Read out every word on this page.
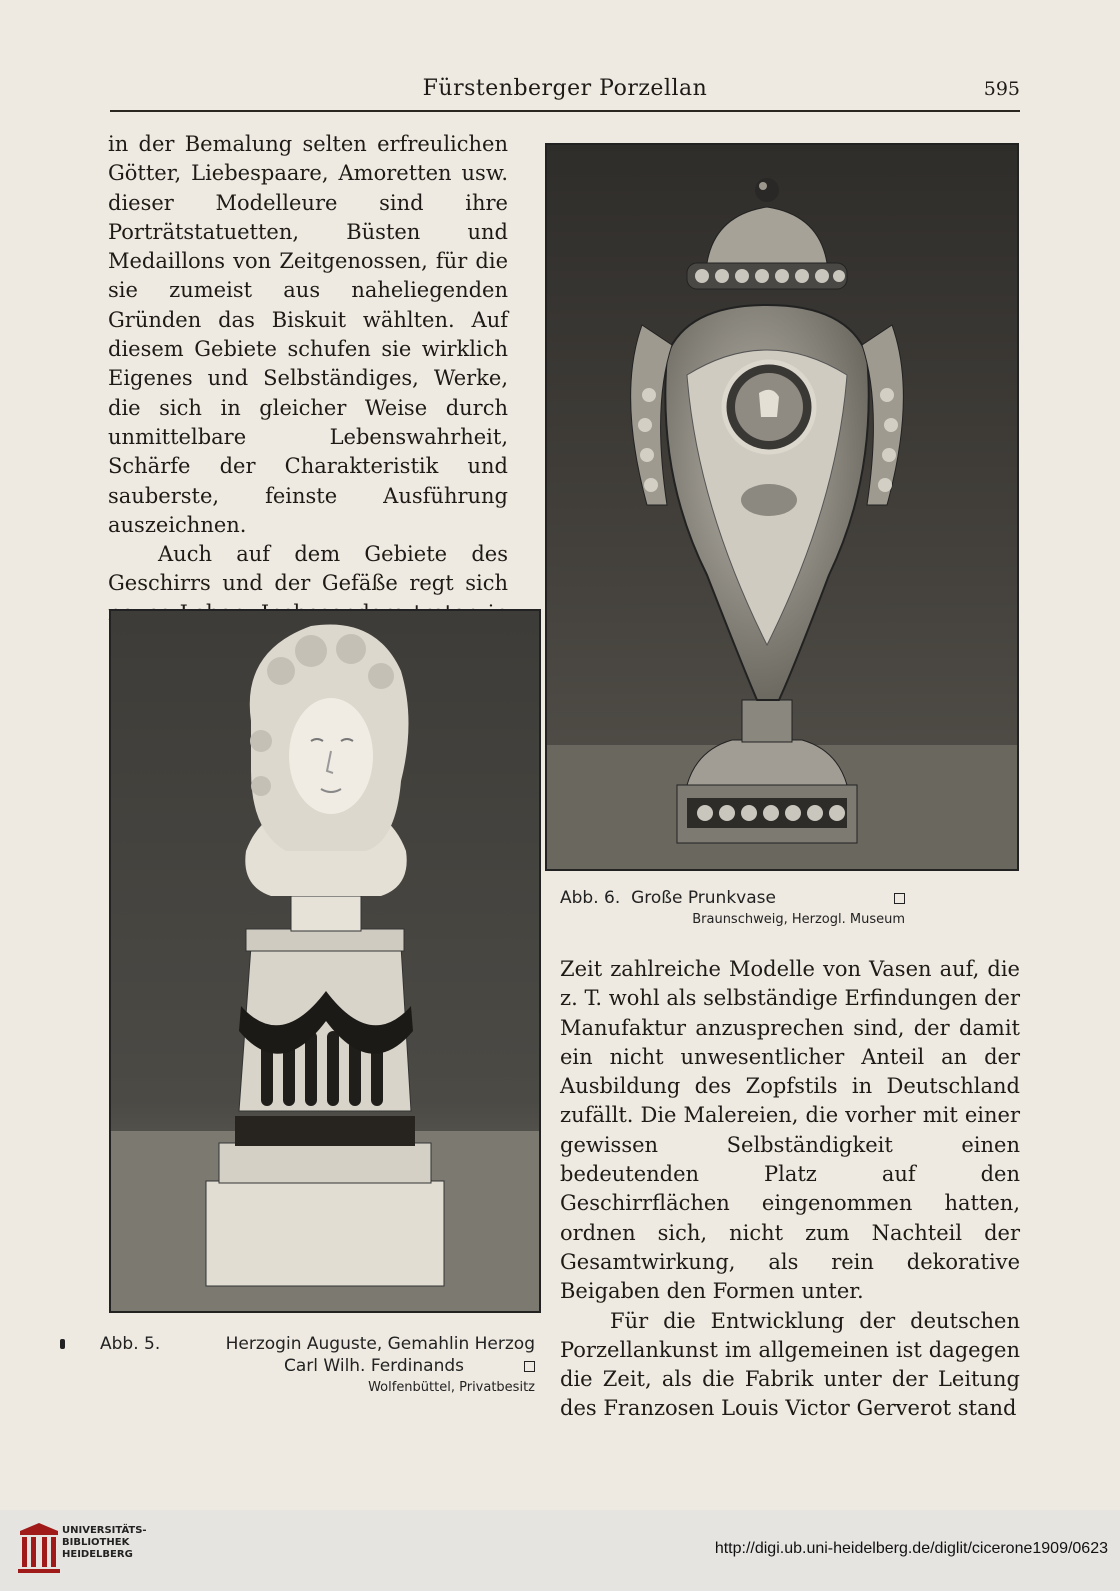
Fürstenberger Porzellan	595

in der Bemalung selten erfreulichen Götter, Liebespaare, Amoretten usw. dieser Modelleure sind ihre Porträtstatuetten, Büsten und Medaillons von Zeitgenossen, für die sie zumeist aus naheliegenden Gründen das Biskuit wählten. Auf diesem Gebiete schufen sie wirklich Eigenes und Selbständiges, Werke, die sich in gleicher Weise durch unmittelbare Lebenswahrheit, Schärfe der Charakteristik und sauberste, feinste Ausführung auszeichnen.

Auch auf dem Gebiete des Geschirrs und der Gefäße regt sich

Abb. 6. Große Prunkvase
Braunschweig, Herzogl. Museum
Abb. 5.	Herzogin Auguste, Gemahlin Herzog
Carl Wilh. Ferdinands
Wolfenbüttel, Privatbesitz

Zeit zahlreiche Modelle von Vasen auf, die z. T. wohl als selbständige Erfindungen der Manufaktur anzusprechen sind, der damit ein nicht unwesentlicher Anteil an der Ausbildung des Zopfstils in Deutschland zufällt. Die Malereien, die vorher mit einer gewissen Selbständigkeit einen bedeutenden Platz auf den Geschirrflächen eingenommen hatten, ordnen sich, nicht zum Nachteil der Gesamtwirkung, als rein dekorative Beigaben den Formen unter.

Für die Entwicklung der deutschen Porzellankunst im allgemeinen ist dagegen die Zeit, als die Fabrik unter der Leitung des Franzosen Louis Victor Gerverot stand

UNIVERSITÄTS-
BIBLIOTHEK
HEIDELBERG	http://digi.ub.uni-heidelberg.de/diglit/cicerone1909/0623
